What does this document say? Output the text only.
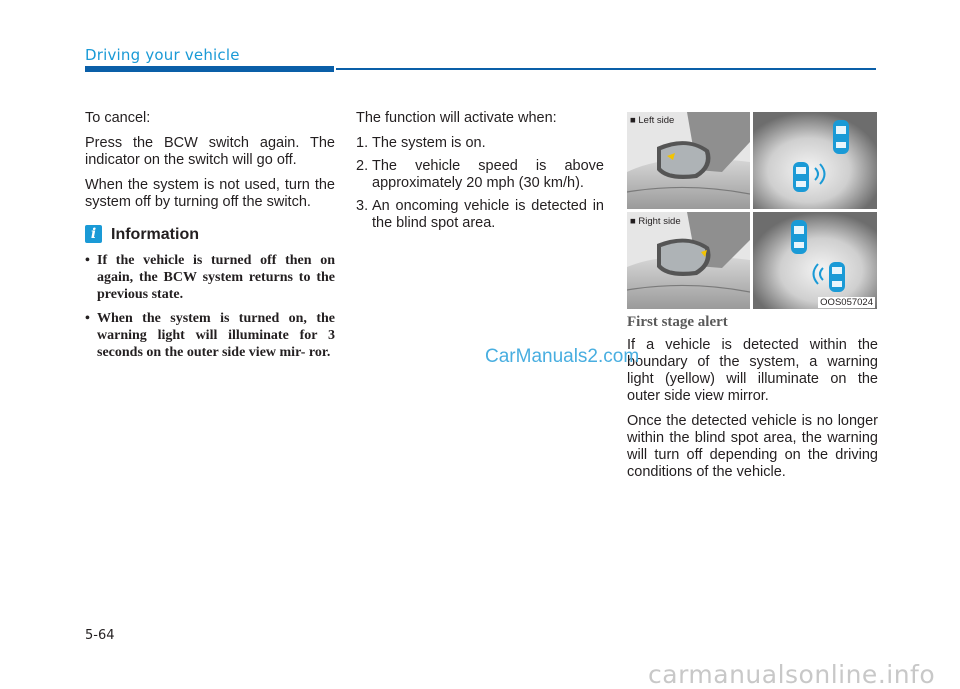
Driving your vehicle

To cancel:

Press the BCW switch again. The indicator on the switch will go off.

When the system is not used, turn the system off by turning off the switch.

i Information
• If the vehicle is turned off then on again, the BCW system returns to the previous state.
• When the system is turned on, the warning light will illuminate for 3 seconds on the outer side view mir- ror.

The function will activate when:

1. The system is on.
2. The vehicle speed is above approximately 20 mph (30 km/h).
3. An oncoming vehicle is detected in the blind spot area.
■ Left side
■ Right side
OOS057024
First stage alert

If a vehicle is detected within the boundary of the system, a warning light (yellow) will illuminate on the outer side view mirror.

Once the detected vehicle is no longer within the blind spot area, the warning will turn off depending on the driving conditions of the vehicle.

CarManuals2.com
5-64
carmanualsonline.info
